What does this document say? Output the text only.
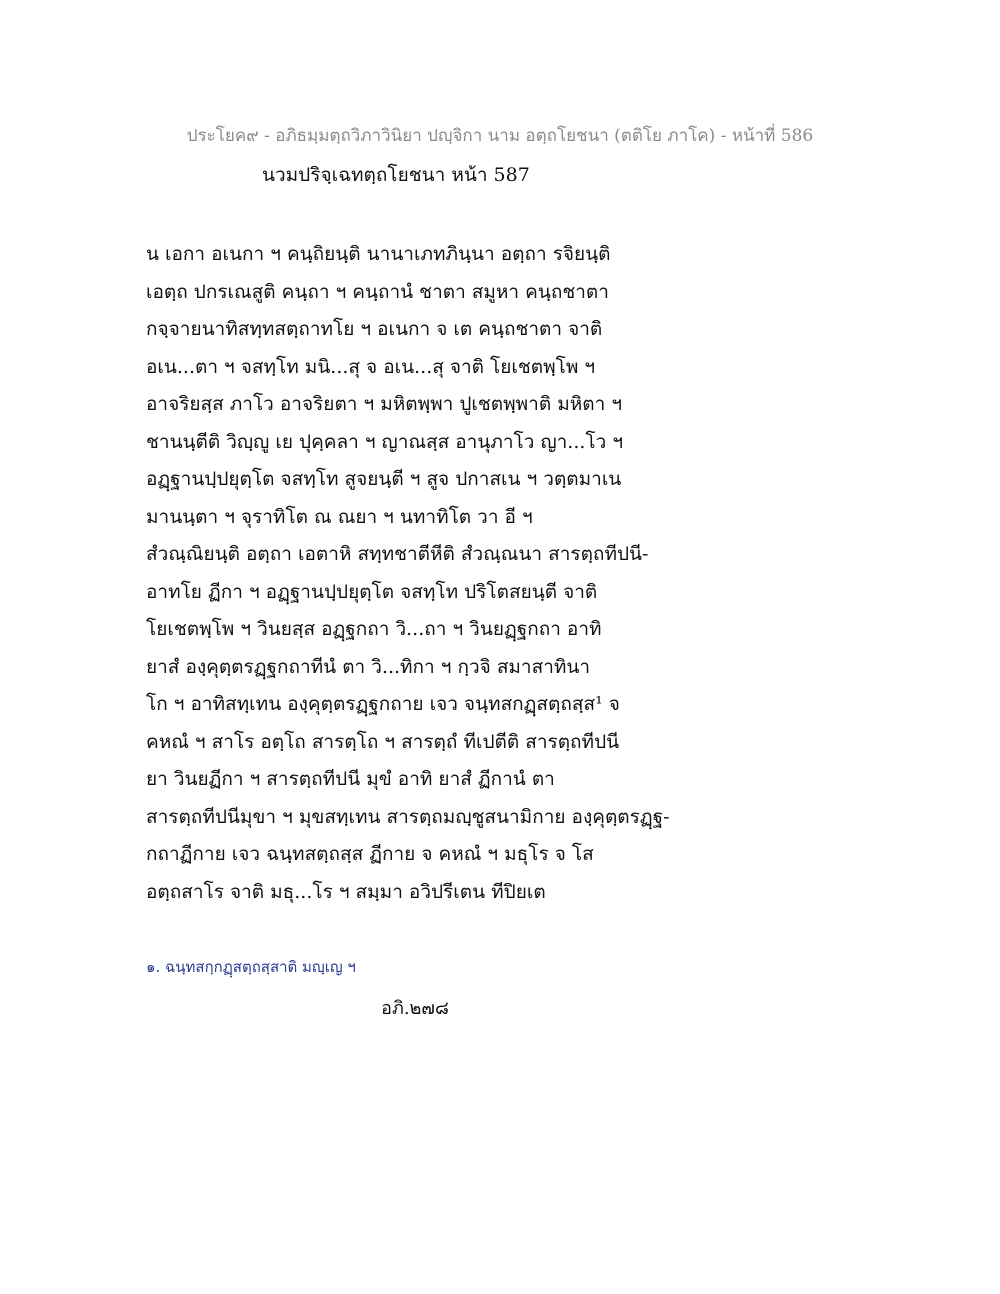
ประโยค๙ - อภิธมฺมตฺถวิภาวินิยา ปญฺจิกา นาม อตฺถโยชนา (ตติโย ภาโค) - หน้าที่ 586
นวมปริจฺเฉทตฺถโยชนา หน้า 587
น เอกา อเนกา ฯ คนฺถิยนฺติ นานาเภทภินฺนา อตฺถา รจิยนฺติ
เอตฺถ ปกรเณสูติ คนฺถา ฯ คนฺถานํ ชาตา สมูหา คนฺถชาตา
กจฺจายนาทิสทฺทสตฺถาทโย ฯ อเนกา จ เต คนฺถชาตา จาติ
อเน...ตา ฯ จสทฺโท มนิ...สุ จ อเน...สุ จาติ โยเชตพฺโพ ฯ
อาจริยสฺส ภาโว อาจริยตา ฯ มหิตพฺพา ปูเชตพฺพาติ มหิตา ฯ
ชานนฺตีติ วิญฺญู เย ปุคฺคลา ฯ ญาณสฺส อานุภาโว ญา...โว ฯ
อฏฺฐานปฺปยุตฺโต จสทฺโท สูจยนฺตี ฯ สูจ ปกาสเน ฯ วตฺตมาเน
มานนฺตา ฯ จุราทิโต ณ ณยา ฯ นทาทิโต วา อี ฯ
สํวณฺณิยนฺติ อตฺถา เอตาหิ สทฺทชาตีหีติ สํวณฺณนา สารตฺถทีปนี-
อาทโย ฏีกา ฯ อฏฺฐานปฺปยุตฺโต จสทฺโท ปริโตสยนฺตี จาติ
โยเชตพฺโพ ฯ วินยสฺส อฏฺฐกถา วิ...ถา ฯ วินยฏฺฐกถา อาทิ
ยาสํ องฺคุตฺตรฏฺฐกถาทีนํ ตา วิ...ทิกา ฯ กฺวจิ สมาสาทินา
โก ฯ อาทิสทฺเทน องฺคุตฺตรฏฺฐกถาย เจว จนฺทสกฏฺสตฺถสฺส¹ จ
คหณํ ฯ สาโร อตฺโถ สารตฺโถ ฯ สารตฺถํ ทีเปตีติ สารตฺถทีปนี
ยา วินยฏีกา ฯ สารตฺถทีปนี มุขํ อาทิ ยาสํ ฏีกานํ ตา
สารตฺถทีปนีมุขา ฯ มุขสทฺเทน สารตฺถมญฺชูสนามิกาย องฺคุตฺตรฏฺฐ-
กถาฏีกาย เจว ฉนฺทสตฺถสฺส ฏีกาย จ คหณํ ฯ มธุโร จ โส
อตฺถสาโร จาติ มธุ...โร ฯ สมฺมา อวิปรีเตน ทีปิยเต
๑. ฉนฺทสกฺกฏฺสตฺถสฺสาติ มญฺเญ ฯ
อภิ.๒๗๘
